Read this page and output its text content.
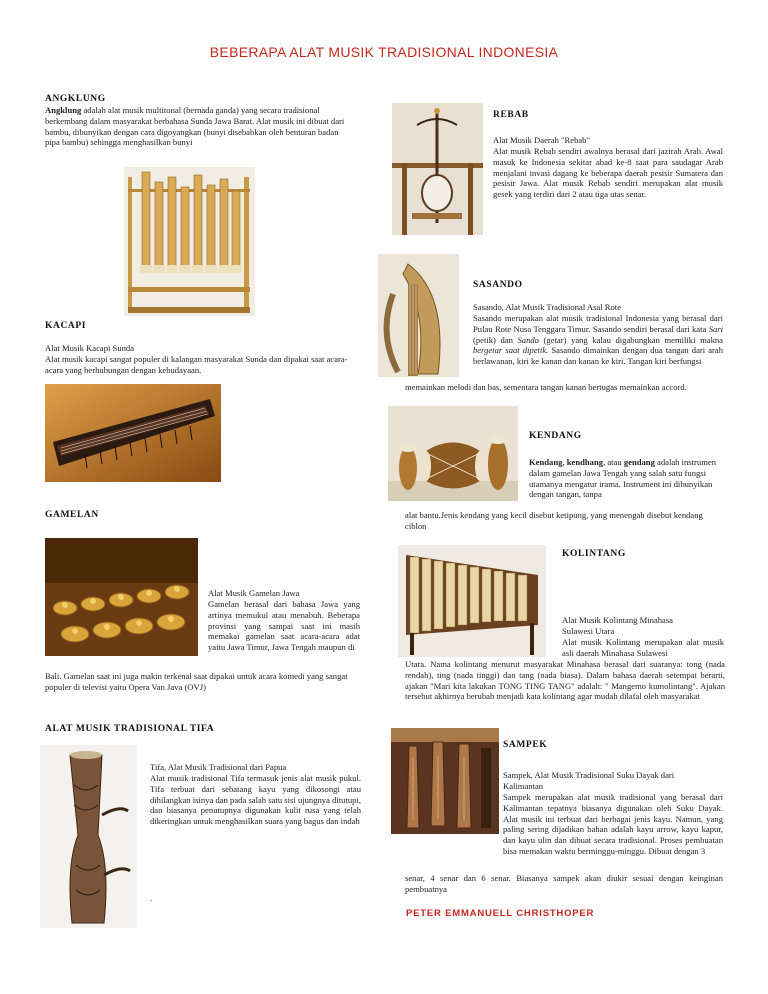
BEBERAPA ALAT MUSIK TRADISIONAL INDONESIA
ANGKLUNG
Angklung adalah alat musik multitonal (bernada ganda) yang secara tradisional berkembang dalam masyarakat berbahasa Sunda Jawa Barat. Alat musik ini dibuat dari bambu, dibunyikan dengan cara digoyangkan (bunyi disebabkan oleh benturan badan pipa bambu) sehingga menghasilkan bunyi
REBAB
Alat Musik Daerah "Rebab"
Alat musik Rebab sendiri awalnya berasal dari jazirah Arab. Awal masuk ke Indonesia sekitar abad ke-8 saat para saudagar Arab menjalani invasi dagang ke beberapa daerah pesisir Sumatera dan pesisir Jawa. Alat musik Rebab sendiri merupakan alat musik gesek yang terdiri dari 2 atau tiga utas senar.
SASANDO
Sasando, Alat Musik Tradisional Asal Rote
Sasando merupakan alat musik tradisional Indonesia yang berasal dari Pulau Rote Nusa Tenggara Timur. Sasando sendiri berasal dari kata Sari (petik) dan Sando (getar) yang kalau digabungkan memiliki makna bergetar saat dipetik. Sasando dimainkan dengan dua tangan dari arah berlawanan, kiri ke kanan dan kanan ke kiri. Tangan kiri berfungsi
memainkan melodi dan bas, sementara tangan kanan bertugas memainkan accord.
KACAPI
Alat Musik Kacapi Sunda
Alat musik kacapi sangat populer di kalangan masyarakat Sunda dan dipakai saat acara-acara yang berhubungan dengan kebudayaan.
KENDANG
Kendang, kendhang, atau gendang adalah instrumen dalam gamelan Jawa Tengah yang salah satu fungsi utamanya mengatur irama. Instrument ini dibunyikan dengan tangan, tanpa
alat bantu.Jenis kendang yang kecil disebut ketipung, yang menengah disebut kendang ciblon
GAMELAN
Alat Musik Gamelan Jawa
Gamelan berasal dari bahasa Jawa yang artinya memukul atau menabuh. Beberapa provinsi yang sampai saat ini masih memakai gamelan saat acara-acara adat yaitu Jawa Timur, Jawa Tengah maupun di
Bali. Gamelan saat ini juga makin terkenal saat dipakai untuk acara komedi yang sangat populer di televisi yaitu Opera Van Java (OVJ)
KOLINTANG
Alat Musik Kolintang Minahasa
Sulawesi Utara
Alat musik Kolintang merupakan alat musik asli daerah Minahasa Sulawesi
Utara. Nama kolintang menurut masyarakat Minahasa berasal dari suaranya: tong (nada rendah), ting (nada tinggi) dan tang (nada biasa). Dalam bahasa daerah setempat berarti, ajakan "Mari kita lakukan TONG TING TANG" adalah: " Mangemo kumolintang". Ajakan tersebut akhirnya berubah menjadi kata kolintang agar mudah dilafal oleh masyarakat
ALAT MUSIK TRADISIONAL TIFA
Tifa, Alat Musik Tradisional dari Papua
Alat musik tradisional Tifa termasuk jenis alat musik pukul. Tifa terbuat dari sebatang kayu yang dikosongi atau dihilangkan isinya dan pada salah satu sisi ujungnya ditutupi, dan biasanya penutupnya digunakan kulit rusa yang telah dikeringkan untuk menghasilkan suara yang bagus dan indah
.
SAMPEK
Sampek, Alat Musik Tradisional Suku Dayak dari
Kalimantan
Sampek merupakan alat musik tradisional yang berasal dari Kalimantan tepatnya biasanya digunakan oleh Suku Dayak. Alat musik ini terbuat dari berbagai jenis kayu. Namun, yang paling sering dijadikan bahan adalah kayu arrow, kayu kapur, dan kayu ulin dan dibuat secara tradisional. Proses pembuatan bisa memakan waktu berminggu-minggu. Dibuat dengan 3
senar, 4 senar dan 6 senar. Biasanya sampek akan diukir sesuai dengan keinginan pembuatnya
PETER EMMANUELL CHRISTHOPER
